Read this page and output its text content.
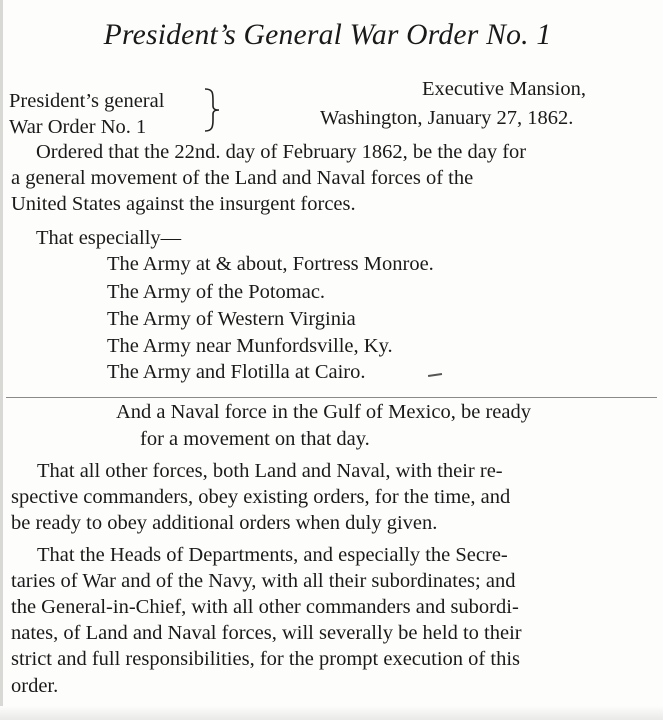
President’s General War Order No. 1
President’s general
War Order No. 1
Executive Mansion,
Washington, January 27, 1862.
Ordered that the 22nd. day of February 1862, be the day for
a general movement of the Land and Naval forces of the
United States against the insurgent forces.
That especially—
The Army at & about, Fortress Monroe.
The Army of the Potomac.
The Army of Western Virginia
The Army near Munfordsville, Ky.
The Army and Flotilla at Cairo.
And a Naval force in the Gulf of Mexico, be ready
for a movement on that day.
That all other forces, both Land and Naval, with their re-
spective commanders, obey existing orders, for the time, and
be ready to obey additional orders when duly given.
That the Heads of Departments, and especially the Secre-
taries of War and of the Navy, with all their subordinates; and
the General-in-Chief, with all other commanders and subordi-
nates, of Land and Naval forces, will severally be held to their
strict and full responsibilities, for the prompt execution of this
order.
